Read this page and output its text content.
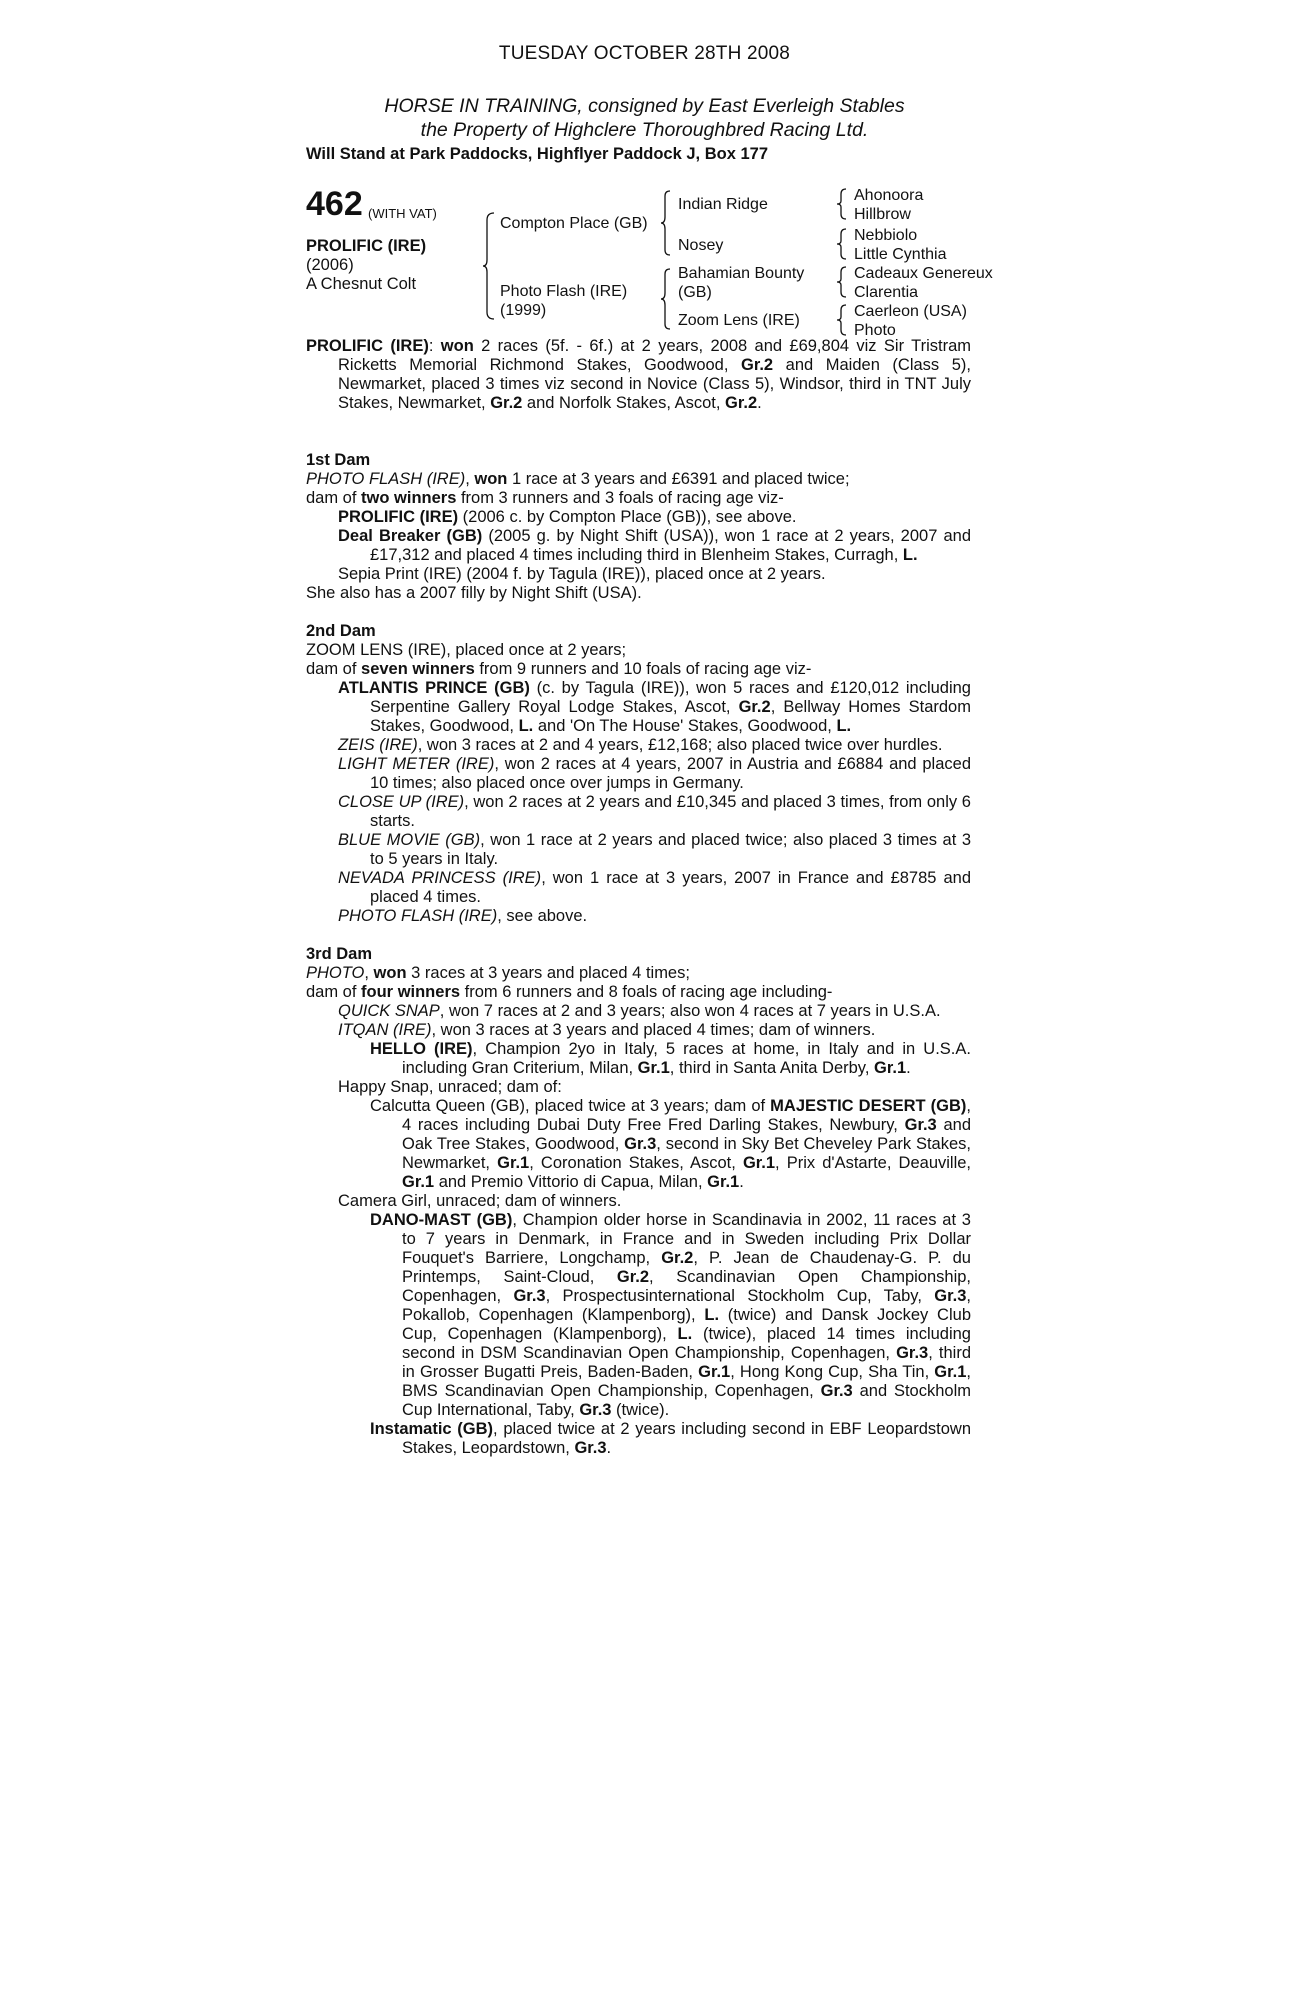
TUESDAY OCTOBER 28TH 2008
HORSE IN TRAINING, consigned by East Everleigh Stables
the Property of Highclere Thoroughbred Racing Ltd.
Will Stand at Park Paddocks, Highflyer Paddock J, Box 177
462 (WITH VAT)
PROLIFIC (IRE)
(2006)
A Chesnut Colt
Compton Place (GB)
Photo Flash (IRE)
(1999)
Indian Ridge
Nosey
Bahamian Bounty
(GB)
Zoom Lens (IRE)
Ahonoora
Hillbrow
Nebbiolo
Little Cynthia
Cadeaux Genereux
Clarentia
Caerleon (USA)
Photo
PROLIFIC (IRE): won 2 races (5f. - 6f.) at 2 years, 2008 and £69,804 viz Sir Tristram Ricketts Memorial Richmond Stakes, Goodwood, Gr.2 and Maiden (Class 5), Newmarket, placed 3 times viz second in Novice (Class 5), Windsor, third in TNT July Stakes, Newmarket, Gr.2 and Norfolk Stakes, Ascot, Gr.2.
1st Dam
PHOTO FLASH (IRE), won 1 race at 3 years and £6391 and placed twice;
dam of two winners from 3 runners and 3 foals of racing age viz-
PROLIFIC (IRE) (2006 c. by Compton Place (GB)), see above.
Deal Breaker (GB) (2005 g. by Night Shift (USA)), won 1 race at 2 years, 2007 and £17,312 and placed 4 times including third in Blenheim Stakes, Curragh, L.
Sepia Print (IRE) (2004 f. by Tagula (IRE)), placed once at 2 years.
She also has a 2007 filly by Night Shift (USA).
2nd Dam
ZOOM LENS (IRE), placed once at 2 years;
dam of seven winners from 9 runners and 10 foals of racing age viz-
ATLANTIS PRINCE (GB) (c. by Tagula (IRE)), won 5 races and £120,012 including Serpentine Gallery Royal Lodge Stakes, Ascot, Gr.2, Bellway Homes Stardom Stakes, Goodwood, L. and 'On The House' Stakes, Goodwood, L.
ZEIS (IRE), won 3 races at 2 and 4 years, £12,168; also placed twice over hurdles.
LIGHT METER (IRE), won 2 races at 4 years, 2007 in Austria and £6884 and placed 10 times; also placed once over jumps in Germany.
CLOSE UP (IRE), won 2 races at 2 years and £10,345 and placed 3 times, from only 6 starts.
BLUE MOVIE (GB), won 1 race at 2 years and placed twice; also placed 3 times at 3 to 5 years in Italy.
NEVADA PRINCESS (IRE), won 1 race at 3 years, 2007 in France and £8785 and placed 4 times.
PHOTO FLASH (IRE), see above.
3rd Dam
PHOTO, won 3 races at 3 years and placed 4 times;
dam of four winners from 6 runners and 8 foals of racing age including-
QUICK SNAP, won 7 races at 2 and 3 years; also won 4 races at 7 years in U.S.A.
ITQAN (IRE), won 3 races at 3 years and placed 4 times; dam of winners.
HELLO (IRE), Champion 2yo in Italy, 5 races at home, in Italy and in U.S.A. including Gran Criterium, Milan, Gr.1, third in Santa Anita Derby, Gr.1.
Happy Snap, unraced; dam of:
Calcutta Queen (GB), placed twice at 3 years; dam of MAJESTIC DESERT (GB), 4 races including Dubai Duty Free Fred Darling Stakes, Newbury, Gr.3 and Oak Tree Stakes, Goodwood, Gr.3, second in Sky Bet Cheveley Park Stakes, Newmarket, Gr.1, Coronation Stakes, Ascot, Gr.1, Prix d'Astarte, Deauville, Gr.1 and Premio Vittorio di Capua, Milan, Gr.1.
Camera Girl, unraced; dam of winners.
DANO-MAST (GB), Champion older horse in Scandinavia in 2002, 11 races at 3 to 7 years in Denmark, in France and in Sweden including Prix Dollar Fouquet's Barriere, Longchamp, Gr.2, P. Jean de Chaudenay-G. P. du Printemps, Saint-Cloud, Gr.2, Scandinavian Open Championship, Copenhagen, Gr.3, Prospectusinternational Stockholm Cup, Taby, Gr.3, Pokallob, Copenhagen (Klampenborg), L. (twice) and Dansk Jockey Club Cup, Copenhagen (Klampenborg), L. (twice), placed 14 times including second in DSM Scandinavian Open Championship, Copenhagen, Gr.3, third in Grosser Bugatti Preis, Baden-Baden, Gr.1, Hong Kong Cup, Sha Tin, Gr.1, BMS Scandinavian Open Championship, Copenhagen, Gr.3 and Stockholm Cup International, Taby, Gr.3 (twice).
Instamatic (GB), placed twice at 2 years including second in EBF Leopardstown Stakes, Leopardstown, Gr.3.
